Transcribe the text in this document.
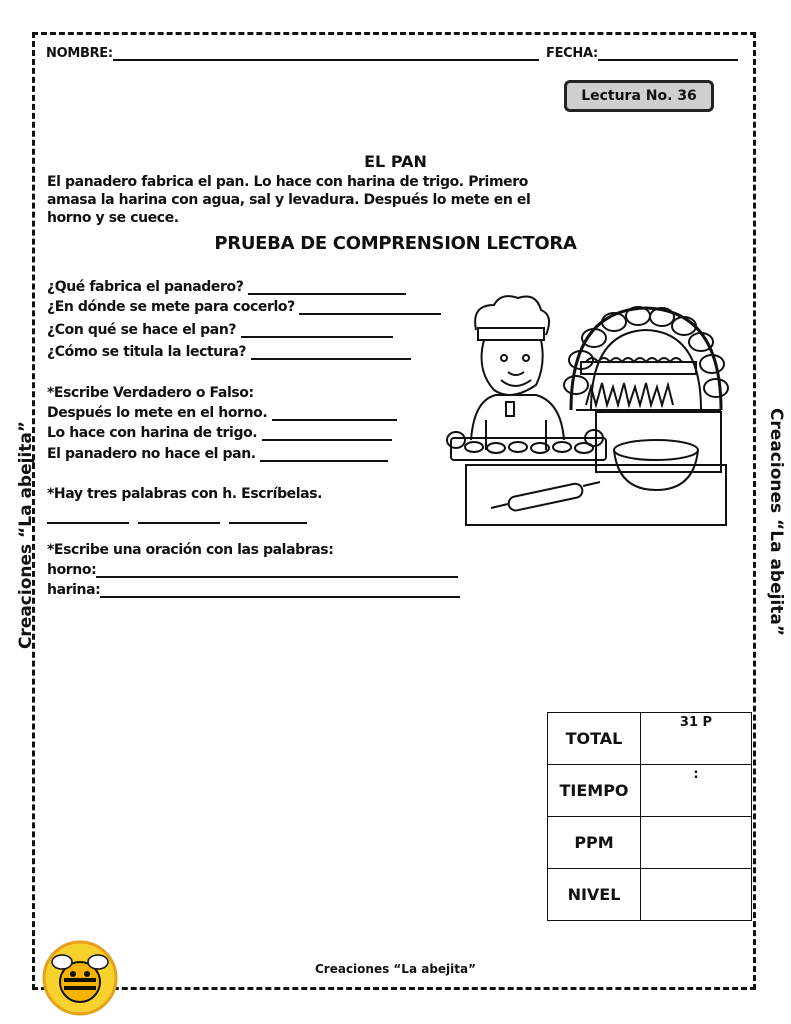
NOMBRE:	FECHA:
Lectura No. 36
EL PAN
El panadero fabrica el pan. Lo hace con harina de trigo. Primero
amasa la harina con agua, sal y levadura. Después lo mete en el
horno y se cuece.
PRUEBA DE COMPRENSION LECTORA
¿Qué fabrica el panadero?
¿En dónde se mete para cocerlo?
¿Con qué se hace el pan?
¿Cómo se titula la lectura?
*Escribe Verdadero o Falso:
Después lo mete en el horno.
Lo hace con harina de trigo.
El panadero no hace el pan.
*Hay tres palabras con h. Escríbelas.

*Escribe una oración con las palabras:
horno:
harina:
Creaciones “La abejita”	Creaciones “La abejita”
TOTAL	31 P
TIEMPO	:
PPM	
NIVEL	
Creaciones “La abejita”
